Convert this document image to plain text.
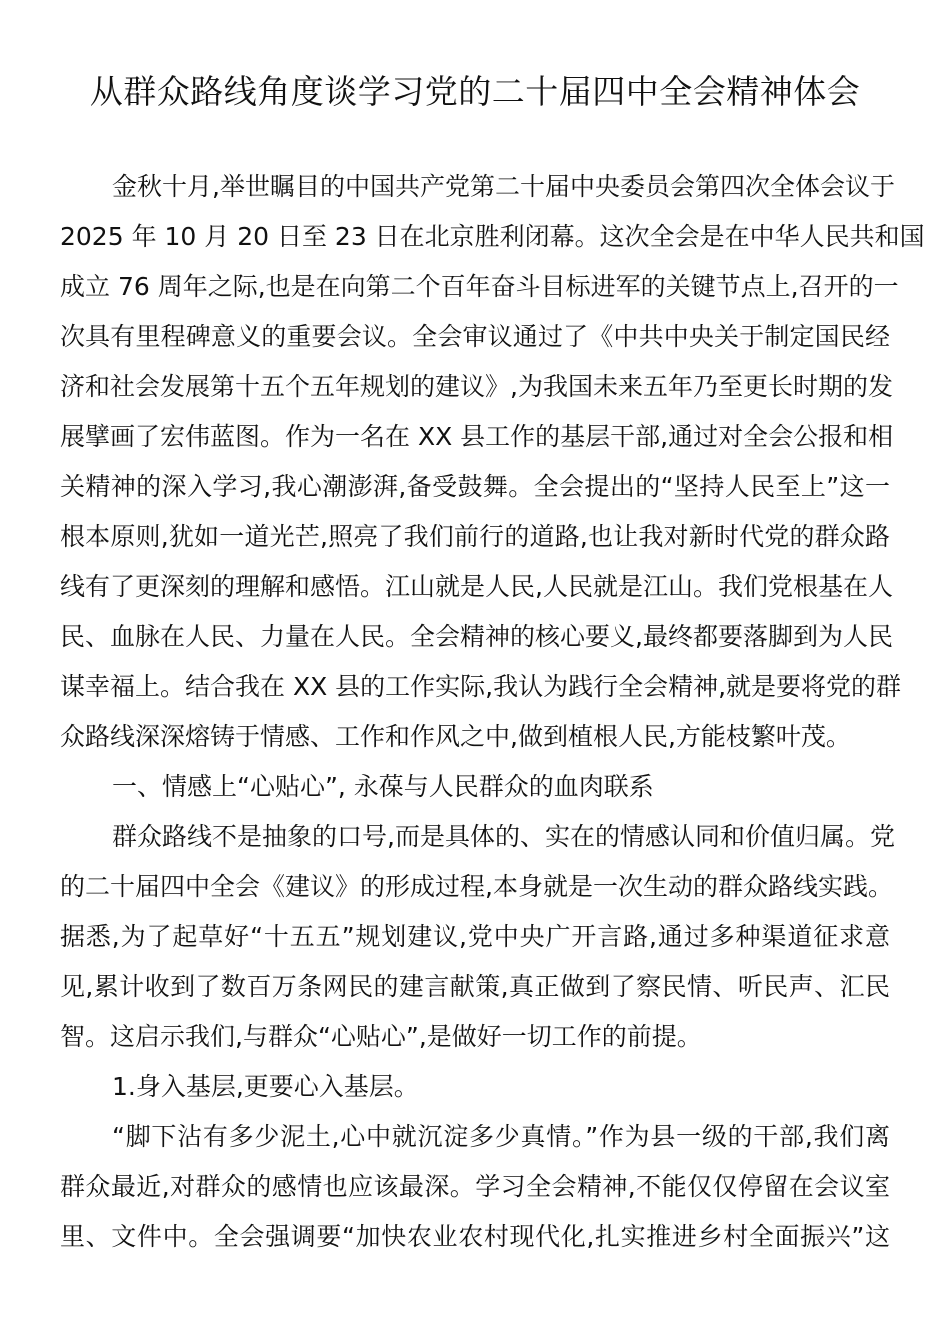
从群众路线角度谈学习党的二十届四中全会精神体会
金秋十月,举世瞩目的中国共产党第二十届中央委员会第四次全体会议于
2025 年 10 月 20 日至 23 日在北京胜利闭幕。这次全会是在中华人民共和国
成立 76 周年之际,也是在向第二个百年奋斗目标进军的关键节点上,召开的一
次具有里程碑意义的重要会议。全会审议通过了《中共中央关于制定国民经
济和社会发展第十五个五年规划的建议》,为我国未来五年乃至更长时期的发
展擘画了宏伟蓝图。作为一名在 XX 县工作的基层干部,通过对全会公报和相
关精神的深入学习,我心潮澎湃,备受鼓舞。全会提出的“坚持人民至上”这一
根本原则,犹如一道光芒,照亮了我们前行的道路,也让我对新时代党的群众路
线有了更深刻的理解和感悟。江山就是人民,人民就是江山。我们党根基在人
民、血脉在人民、力量在人民。全会精神的核心要义,最终都要落脚到为人民
谋幸福上。结合我在 XX 县的工作实际,我认为践行全会精神,就是要将党的群
众路线深深熔铸于情感、工作和作风之中,做到植根人民,方能枝繁叶茂。
一、情感上“心贴心”, 永葆与人民群众的血肉联系
群众路线不是抽象的口号,而是具体的、实在的情感认同和价值归属。党
的二十届四中全会《建议》的形成过程,本身就是一次生动的群众路线实践。
据悉,为了起草好“十五五”规划建议,党中央广开言路,通过多种渠道征求意
见,累计收到了数百万条网民的建言献策,真正做到了察民情、听民声、汇民
智。这启示我们,与群众“心贴心”,是做好一切工作的前提。
1.身入基层,更要心入基层。
“脚下沾有多少泥土,心中就沉淀多少真情。”作为县一级的干部,我们离
群众最近,对群众的感情也应该最深。学习全会精神,不能仅仅停留在会议室
里、文件中。全会强调要“加快农业农村现代化,扎实推进乡村全面振兴”这
